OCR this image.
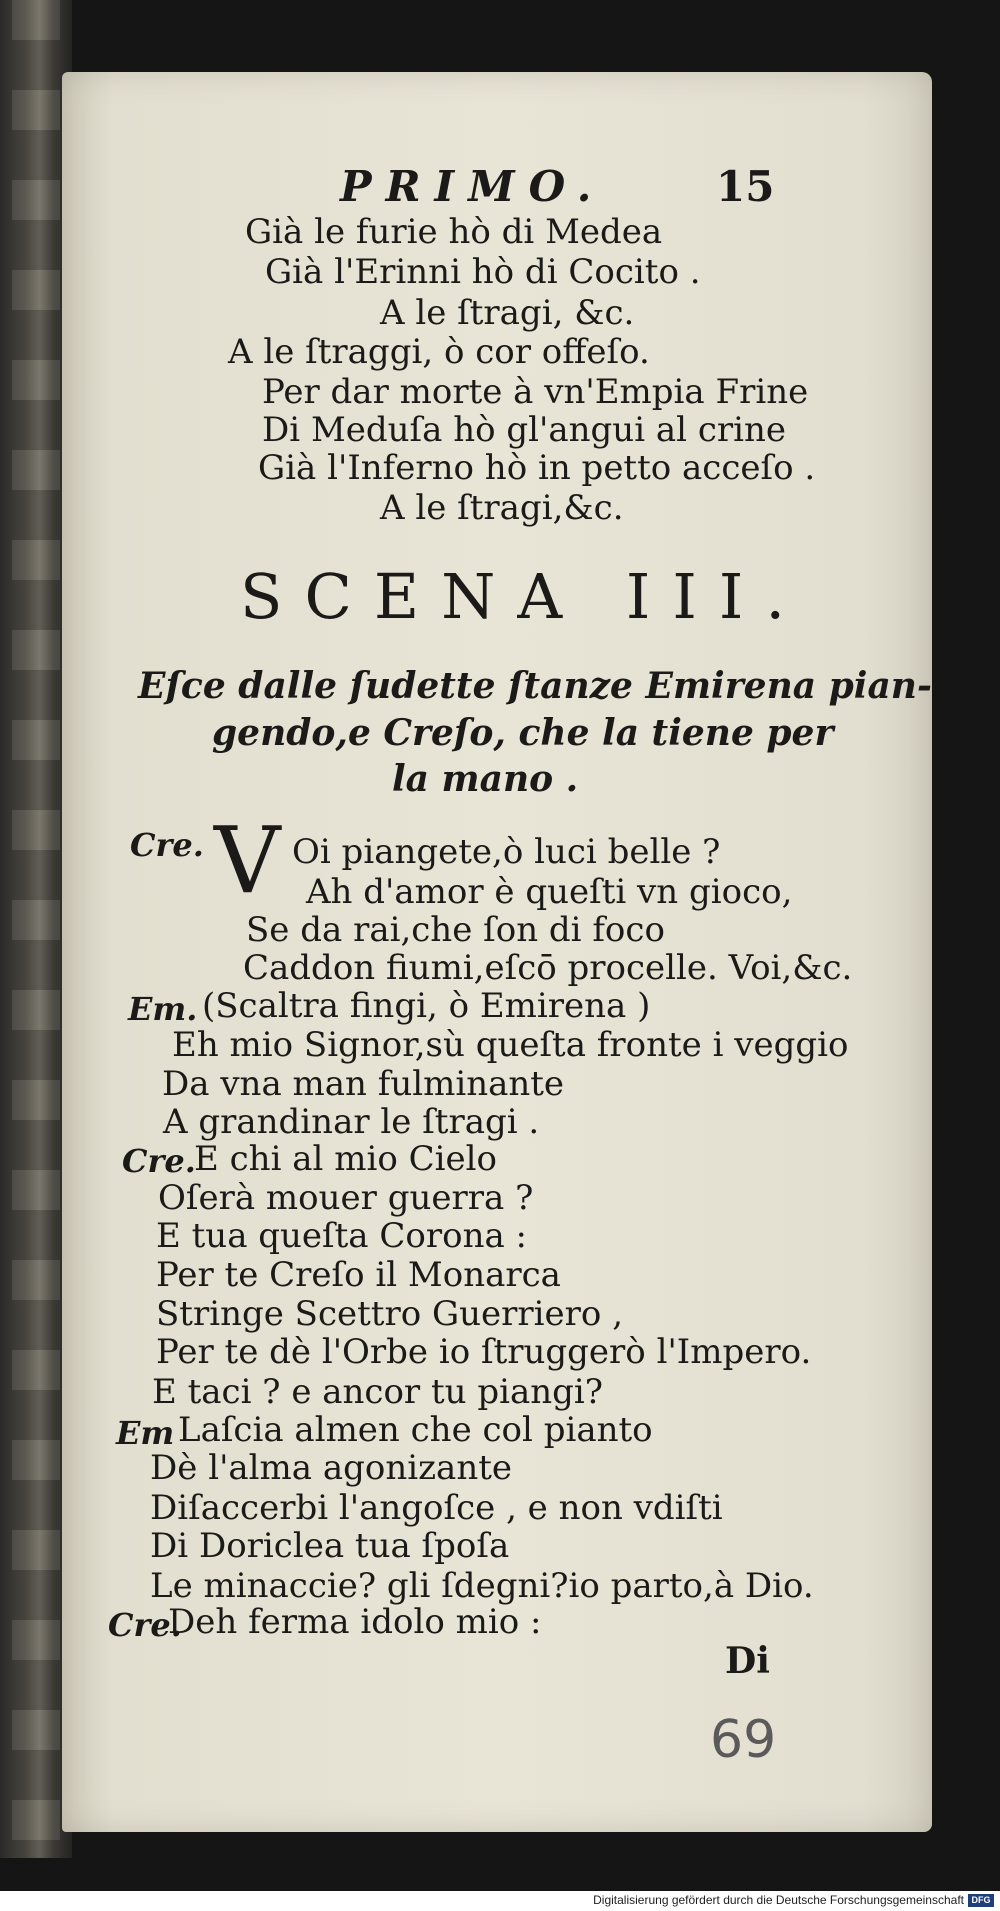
PRIMO.	15
Già le furie hò di Medea
Già l'Erinni hò di Cocito .
A le ſtragi, &c.
A le ſtraggi, ò cor offeſo.
Per dar morte à vn'Empia Frine
Di Meduſa hò gl'angui al crine
Già l'Inferno hò in petto acceſo .
A le ſtragi,&c.
SCENA III.
Eſce dalle ſudette ſtanze Emirena pian-
gendo,e Creſo, che la tiene per
la mano .
Cre. V Oi piangete,ò luci belle ?
Ah d'amor è queſti vn gioco,
Se da rai,che ſon di foco
Caddon fiumi,eſcō procelle. Voi,&c.
Em. (Scaltra fingi, ò Emirena )
Eh mio Signor,sù queſta fronte i veggio
Da vna man fulminante
A grandinar le ſtragi .
Cre.
E chi al mio Cielo
Oſerà mouer guerra ?
E tua queſta Corona :
Per te Creſo il Monarca
Stringe Scettro Guerriero ,
Per te dè l'Orbe io ſtruggerò l'Impero.
E taci ? e ancor tu piangi?
Em Laſcia almen che col pianto
Dè l'alma agonizante
Diſaccerbi l'angoſce , e non vdiſti
Di Doriclea tua ſpoſa
Le minaccie? gli ſdegni?io parto,à Dio.
Cre.
Deh ferma idolo mio :
Di
69
Digitalisierung gefördert durch die Deutsche Forschungsgemeinschaft DFG
